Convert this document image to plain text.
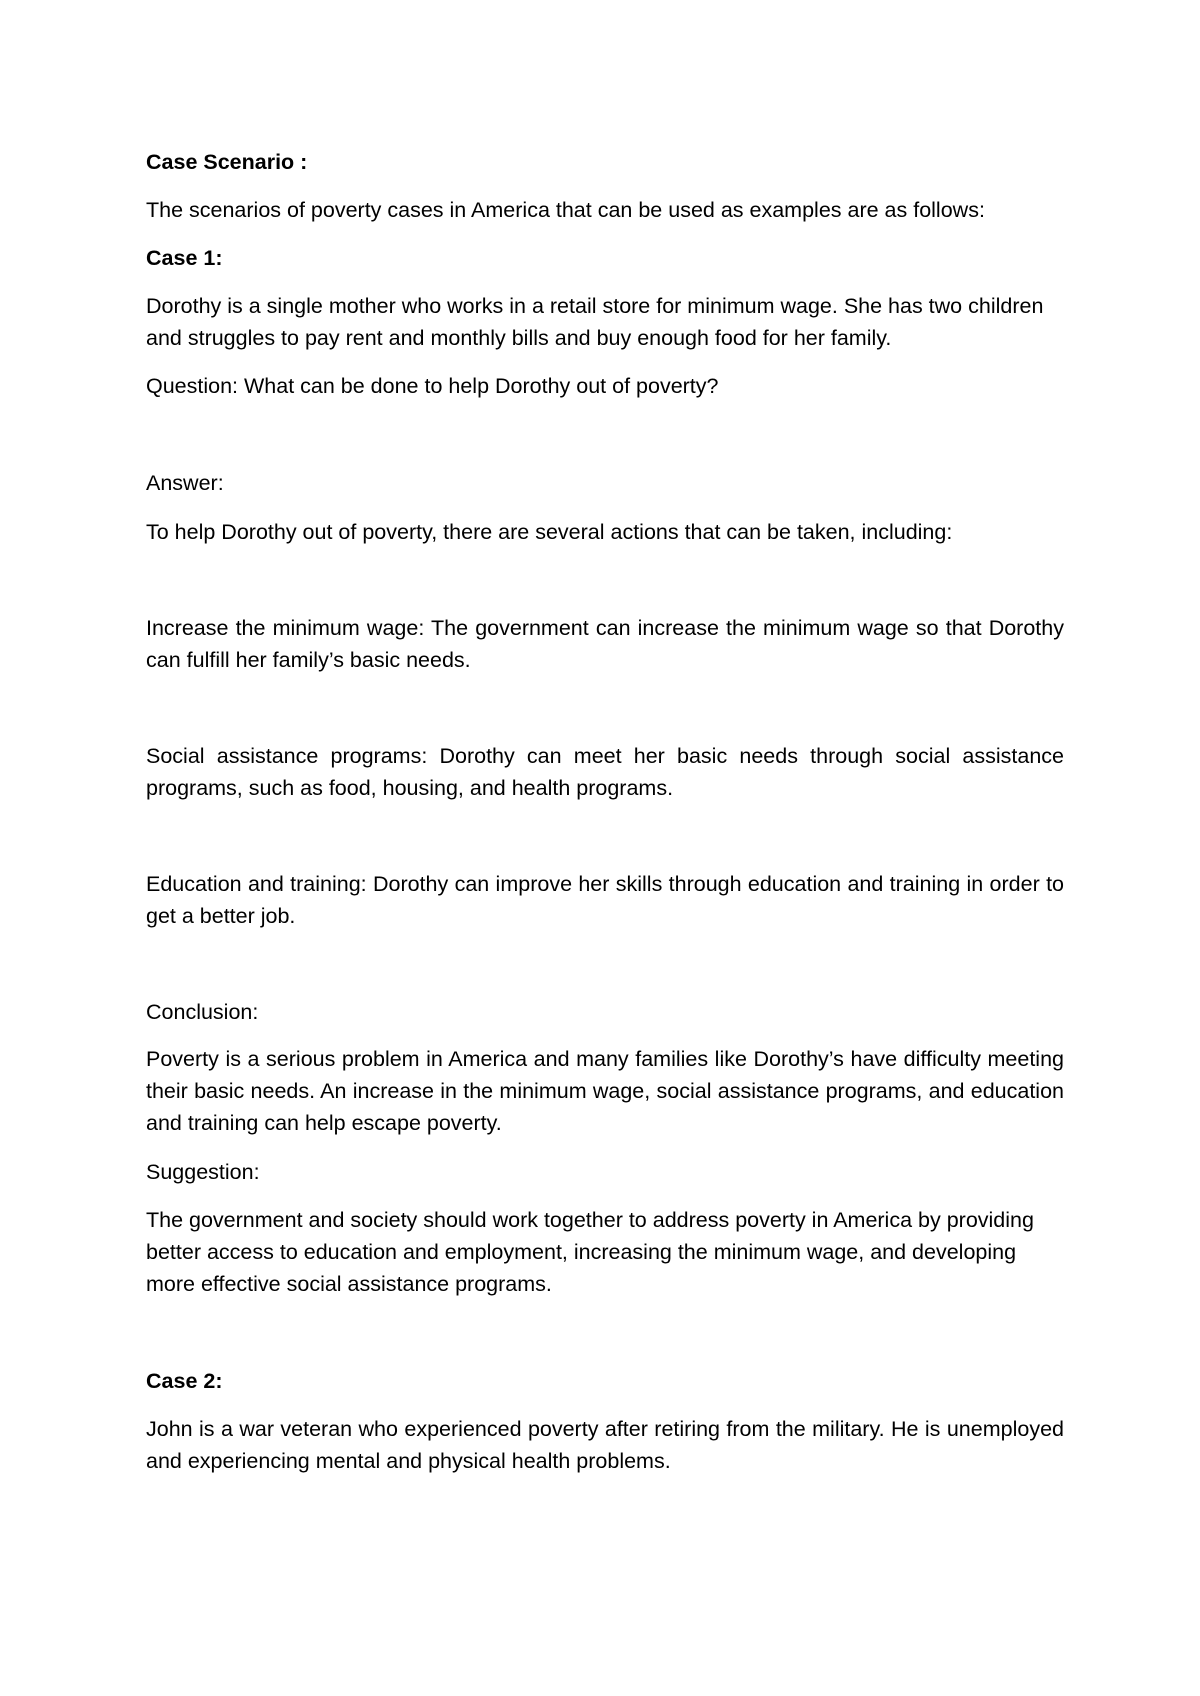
Case Scenario :

The scenarios of poverty cases in America that can be used as examples are as follows:

Case 1:

Dorothy is a single mother who works in a retail store for minimum wage. She has two children and struggles to pay rent and monthly bills and buy enough food for her family.

Question: What can be done to help Dorothy out of poverty?

Answer:

To help Dorothy out of poverty, there are several actions that can be taken, including:

Increase the minimum wage: The government can increase the minimum wage so that Dorothy can fulfill her family’s basic needs.

Social assistance programs: Dorothy can meet her basic needs through social assistance programs, such as food, housing, and health programs.

Education and training: Dorothy can improve her skills through education and training in order to get a better job.

Conclusion:

Poverty is a serious problem in America and many families like Dorothy’s have difficulty meeting their basic needs. An increase in the minimum wage, social assistance programs, and education and training can help escape poverty.

Suggestion:

The government and society should work together to address poverty in America by providing better access to education and employment, increasing the minimum wage, and developing more effective social assistance programs.

Case 2:

John is a war veteran who experienced poverty after retiring from the military. He is unemployed and experiencing mental and physical health problems.
